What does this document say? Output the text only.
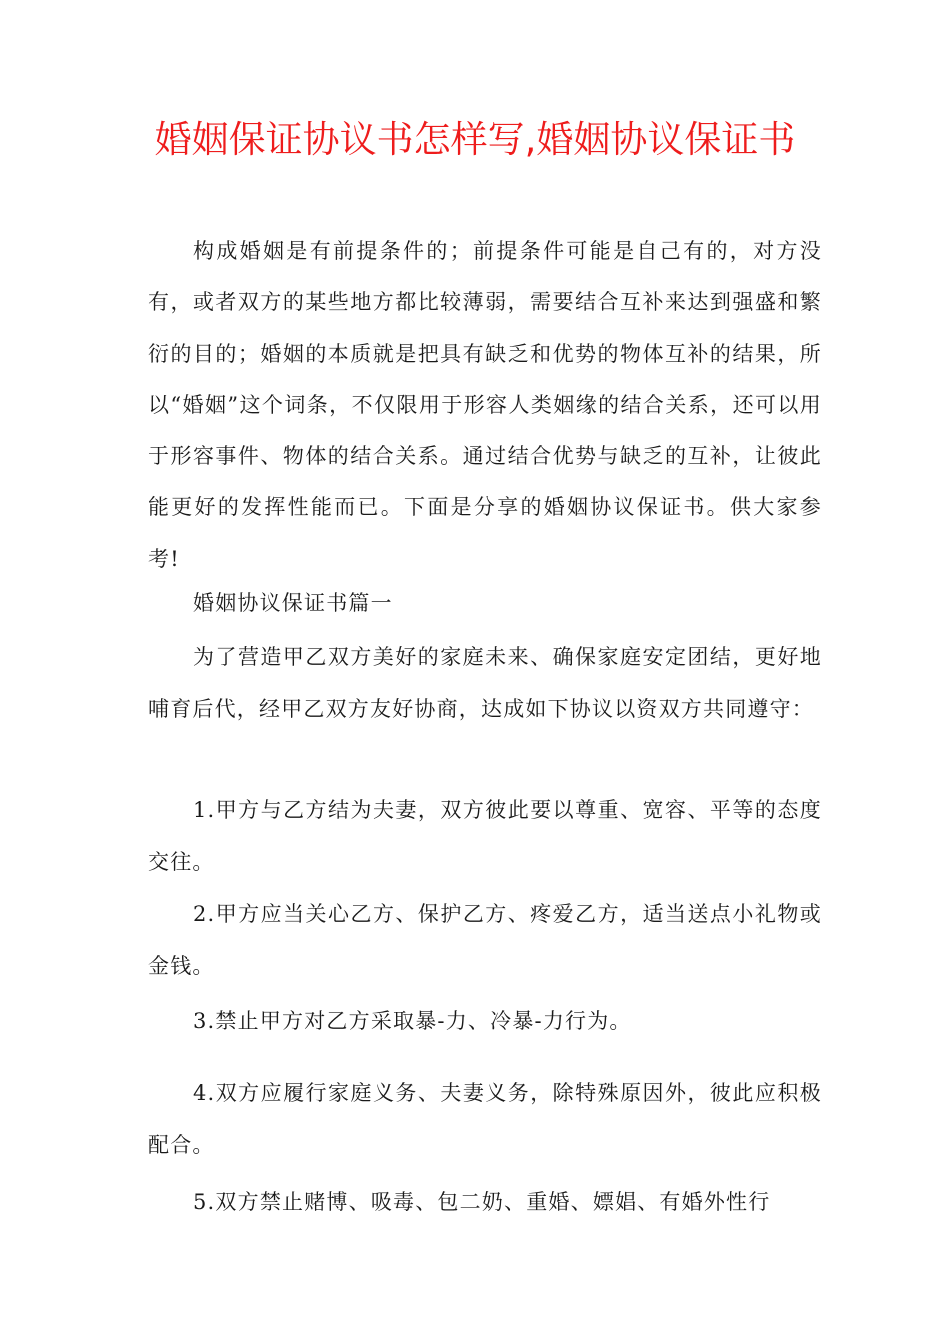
婚姻保证协议书怎样写,婚姻协议保证书

构成婚姻是有前提条件的；前提条件可能是自己有的，对方没有，或者双方的某些地方都比较薄弱，需要结合互补来达到强盛和繁衍的目的；婚姻的本质就是把具有缺乏和优势的物体互补的结果，所以“婚姻”这个词条，不仅限用于形容人类姻缘的结合关系，还可以用于形容事件、物体的结合关系。通过结合优势与缺乏的互补，让彼此能更好的发挥性能而已。下面是分享的婚姻协议保证书。供大家参考!

婚姻协议保证书篇一

为了营造甲乙双方美好的家庭未来、确保家庭安定团结，更好地哺育后代，经甲乙双方友好协商，达成如下协议以资双方共同遵守：

1.甲方与乙方结为夫妻，双方彼此要以尊重、宽容、平等的态度交往。

2.甲方应当关心乙方、保护乙方、疼爱乙方，适当送点小礼物或金钱。

3.禁止甲方对乙方采取暴-力、冷暴-力行为。

4.双方应履行家庭义务、夫妻义务，除特殊原因外，彼此应积极配合。

5.双方禁止赌博、吸毒、包二奶、重婚、嫖娼、有婚外性行
